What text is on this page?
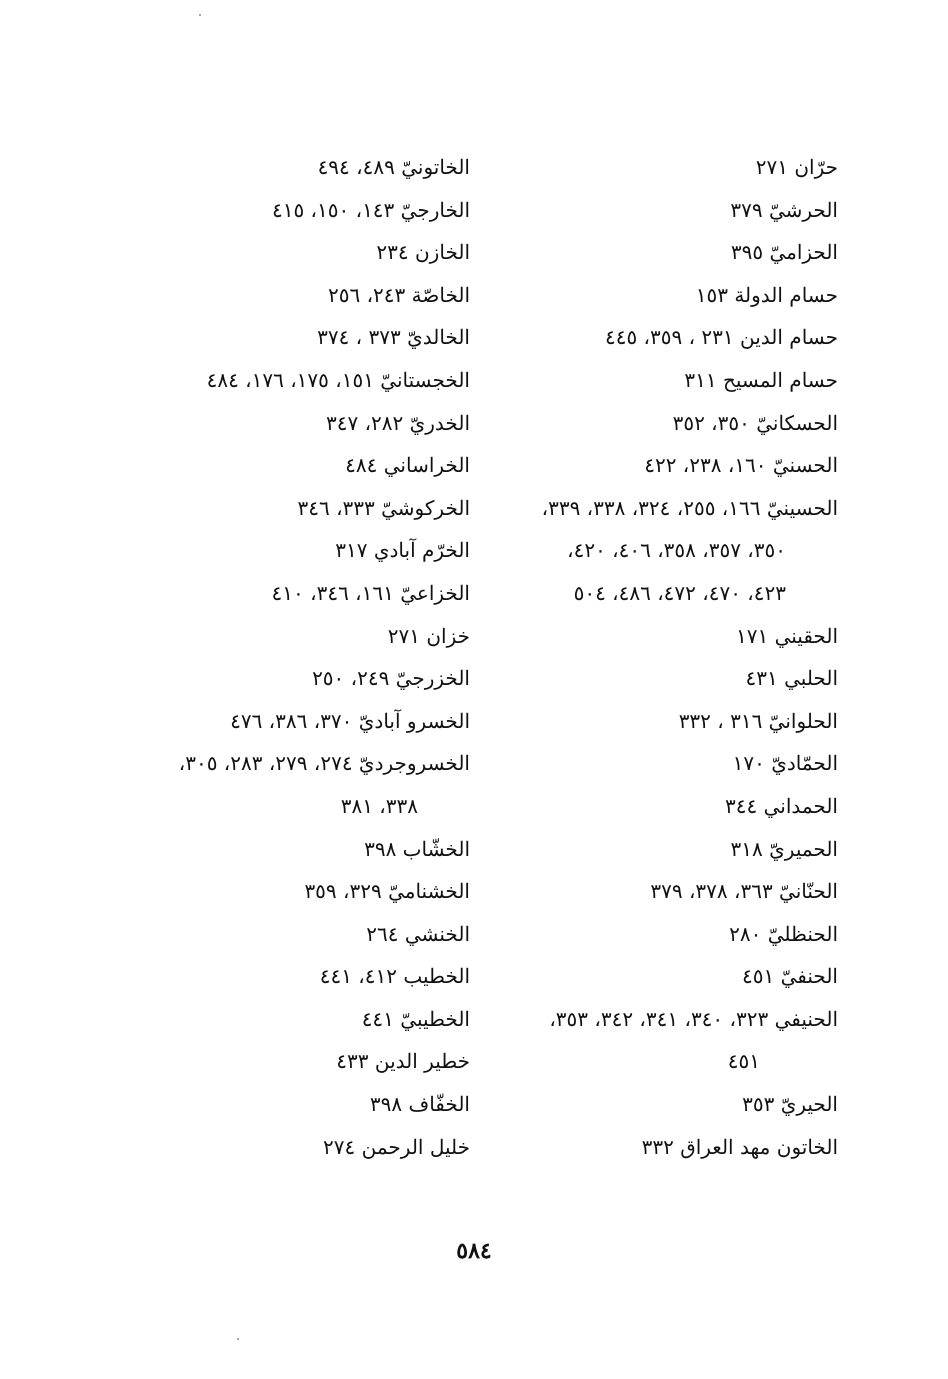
حرّان ٢٧١
الحرشيّ ٣٧٩
الحزاميّ ٣٩٥
حسام الدولة ١٥٣
حسام الدين ٢٣١ ، ٣٥٩، ٤٤٥
حسام المسيح ٣١١
الحسكانيّ ٣٥٠، ٣٥٢
الحسنيّ ١٦٠، ٢٣٨، ٤٢٢
الحسينيّ ١٦٦، ٢٥٥، ٣٢٤، ٣٣٨، ٣٣٩،
٣٥٠، ٣٥٧، ٣٥٨، ٤٠٦، ٤٢٠،
٤٢٣، ٤٧٠، ٤٧٢، ٤٨٦، ٥٠٤
الحقيني ١٧١
الحلبي ٤٣١
الحلوانيّ ٣١٦ ، ٣٣٢
الحمّاديّ ١٧٠
الحمداني ٣٤٤
الحميريّ ٣١٨
الحنّانيّ ٣٦٣، ٣٧٨، ٣٧٩
الحنظليّ ٢٨٠
الحنفيّ ٤٥١
الحنيفي ٣٢٣، ٣٤٠، ٣٤١، ٣٤٢، ٣٥٣،
٤٥١
الحيريّ ٣٥٣
الخاتون مهد العراق ٣٣٢
الخاتونيّ ٤٨٩، ٤٩٤
الخارجيّ ١٤٣، ١٥٠، ٤١٥
الخازن ٢٣٤
الخاصّة ٢٤٣، ٢٥٦
الخالديّ ٣٧٣ ، ٣٧٤
الخجستانيّ ١٥١، ١٧٥، ١٧٦، ٤٨٤
الخدريّ ٢٨٢، ٣٤٧
الخراساني ٤٨٤
الخركوشيّ ٣٣٣، ٣٤٦
الخرّم آبادي ٣١٧
الخزاعيّ ١٦١، ٣٤٦، ٤١٠
خزان ٢٧١
الخزرجيّ ٢٤٩، ٢٥٠
الخسرو آباديّ ٣٧٠، ٣٨٦، ٤٧٦
الخسروجرديّ ٢٧٤، ٢٧٩، ٢٨٣، ٣٠٥،
٣٣٨، ٣٨١
الخشّاب ٣٩٨
الخشناميّ ٣٢٩، ٣٥٩
الخنشي ٢٦٤
الخطيب ٤١٢، ٤٤١
الخطيبيّ ٤٤١
خطير الدين ٤٣٣
الخفّاف ٣٩٨
خليل الرحمن ٢٧٤
٥٨٤
